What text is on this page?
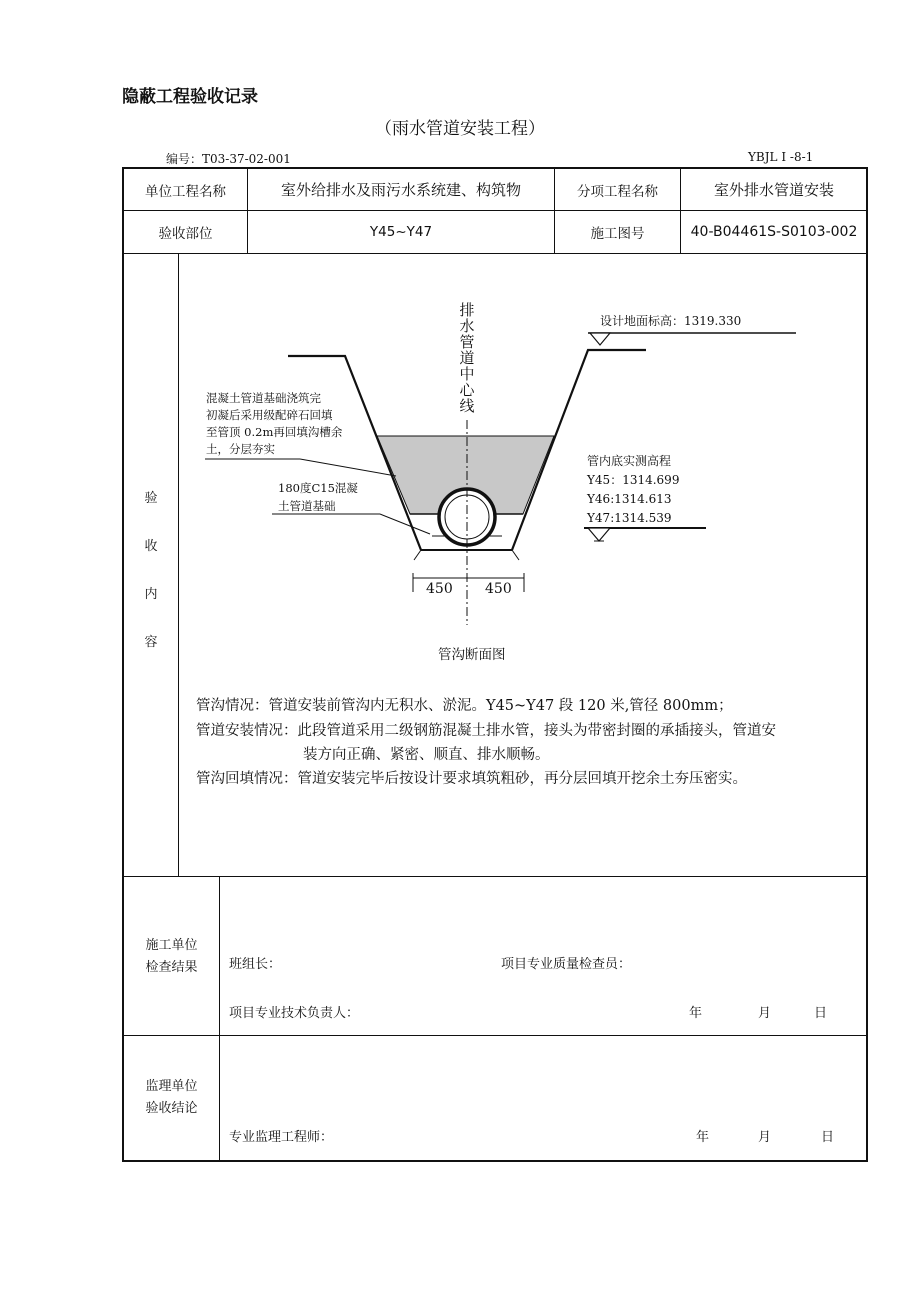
隐蔽工程验收记录
（雨水管道安装工程）
编号：T03-37-02-001	YBJL I -8-1
单位工程名称	室外给排水及雨污水系统建、构筑物	分项工程名称	室外排水管道安装
验收部位	Y45~Y47	施工图号	40-B04461S-S0103-002
验
收
内
容
排
水
管
道
中
心
线
设计地面标高：1319.330
混凝土管道基础浇筑完
初凝后采用级配碎石回填
至管顶 0.2m再回填沟槽余
土，分层夯实
180度C15混凝
土管道基础
管内底实测高程
Y45：1314.699
Y46:1314.613
Y47:1314.539
450 450
管沟断面图
管沟情况：管道安装前管沟内无积水、淤泥。Y45~Y47 段 120 米,管径 800mm；
管道安装情况：此段管道采用二级钢筋混凝土排水管，接头为带密封圈的承插接头，管道安
装方向正确、紧密、顺直、排水顺畅。
管沟回填情况：管道安装完毕后按设计要求填筑粗砂，再分层回填开挖余土夯压密实。
施工单位
检查结果	班组长：	项目专业质量检查员：
项目专业技术负责人：	年	月	日
监理单位
验收结论
专业监理工程师：	年	月	日
